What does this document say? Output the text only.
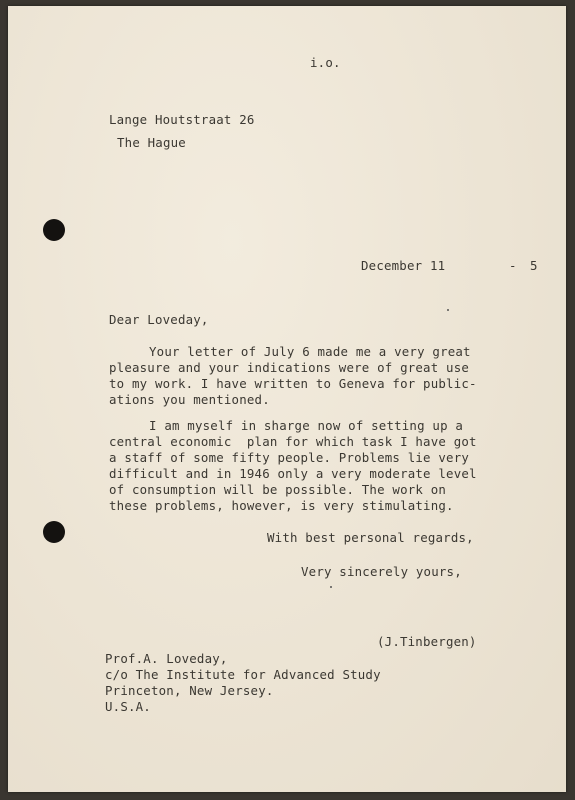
i.o.
Lange Houtstraat 26
The Hague
December 11	- 5
Dear Loveday,
Your letter of July 6 made me a very great
pleasure and your indications were of great use
to my work. I have written to Geneva for public-
ations you mentioned.
I am myself in sharge now of setting up a
central economic  plan for which task I have got
a staff of some fifty people. Problems lie very
difficult and in 1946 only a very moderate level
of consumption will be possible. The work on
these problems, however, is very stimulating.
With best personal regards,
Very sincerely yours,
(J.Tinbergen)
Prof.A. Loveday,
c/o The Institute for Advanced Study
Princeton, New Jersey.
U.S.A.
